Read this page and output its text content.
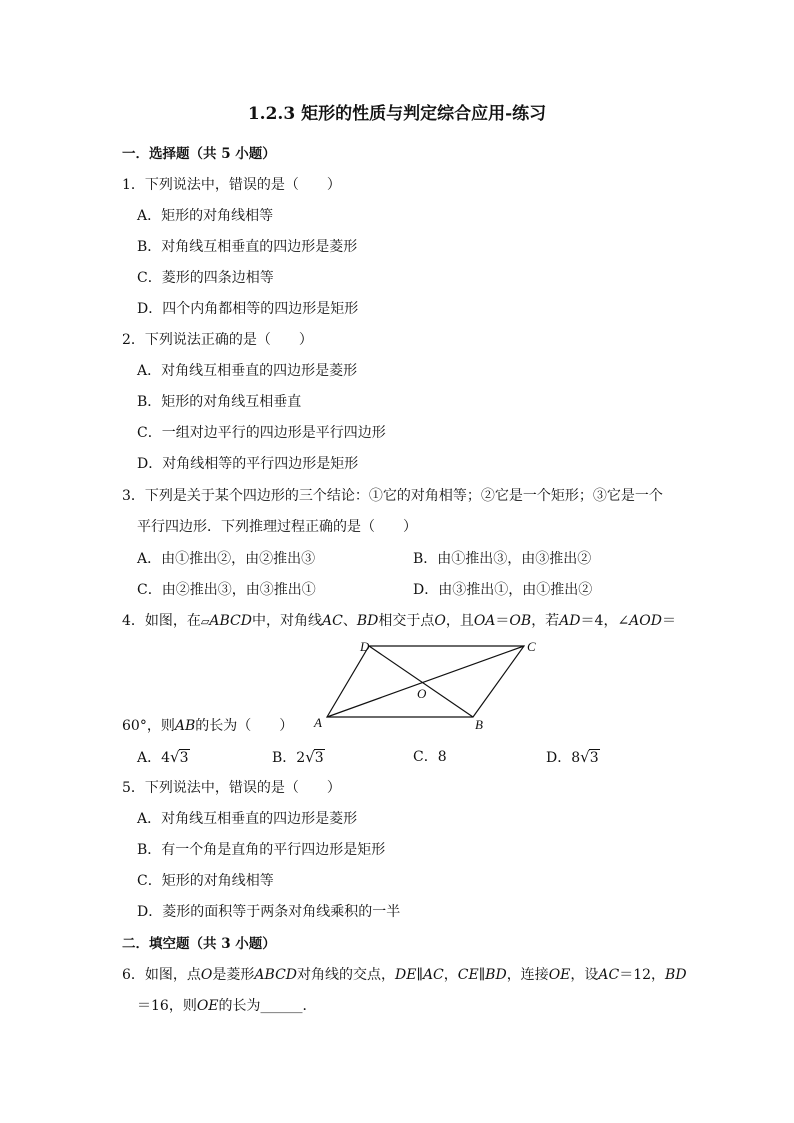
1.2.3 矩形的性质与判定综合应用-练习
一．选择题（共 5 小题）
1．下列说法中，错误的是（　　）
A．矩形的对角线相等
B．对角线互相垂直的四边形是菱形
C．菱形的四条边相等
D．四个内角都相等的四边形是矩形
2．下列说法正确的是（　　）
A．对角线互相垂直的四边形是菱形
B．矩形的对角线互相垂直
C．一组对边平行的四边形是平行四边形
D．对角线相等的平行四边形是矩形
3．下列是关于某个四边形的三个结论：①它的对角相等；②它是一个矩形；③它是一个
平行四边形．下列推理过程正确的是（　　）
A．由①推出②，由②推出③	B．由①推出③，由③推出②
C．由②推出③，由③推出①	D．由③推出①，由①推出②
4．如图，在▱ABCD中，对角线AC、BD相交于点O，且OA＝OB，若AD＝4，∠AOD＝
A	B
C
D
O
60°，则AB的长为（　　）
A．4√3	B．2√3	C．8	D．8√3
5．下列说法中，错误的是（　　）
A．对角线互相垂直的四边形是菱形
B．有一个角是直角的平行四边形是矩形
C．矩形的对角线相等
D．菱形的面积等于两条对角线乘积的一半
二．填空题（共 3 小题）
6．如图，点O是菱形ABCD对角线的交点，DE∥AC，CE∥BD，连接OE，设AC＝12，BD
＝16，则OE的长为______．
